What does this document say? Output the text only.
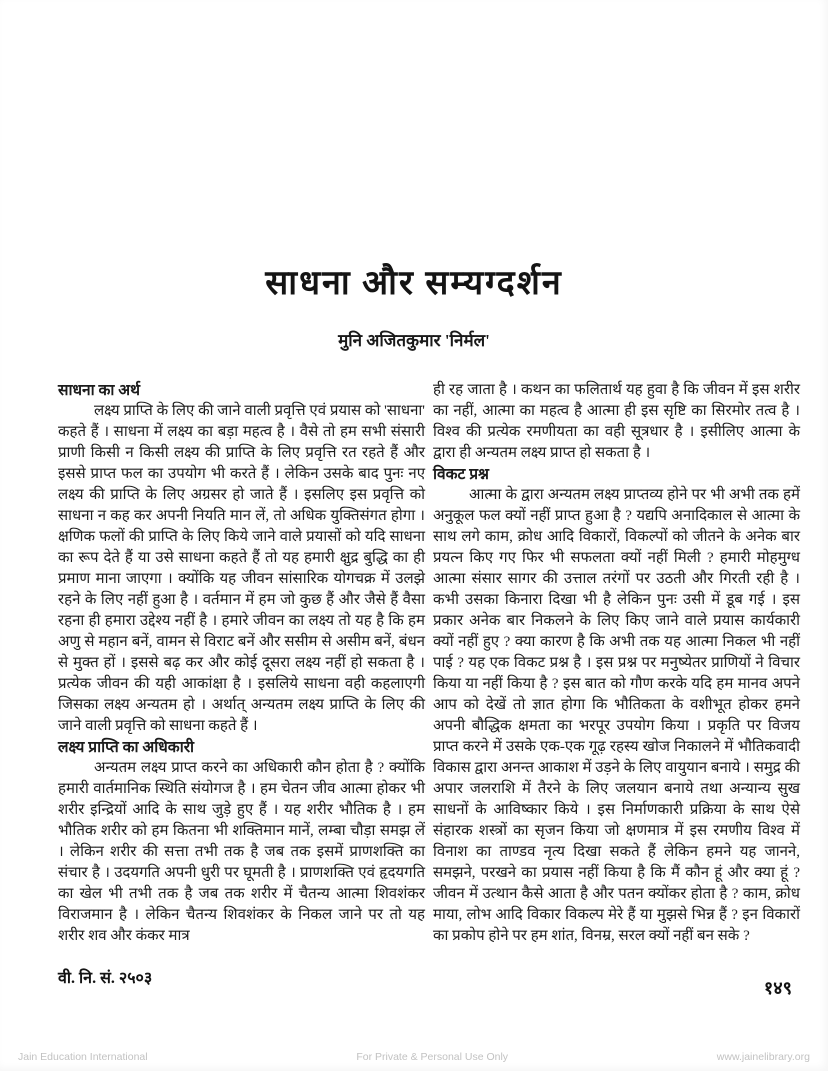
साधना और सम्यग्दर्शन
मुनि अजितकुमार 'निर्मल'
साधना का अर्थ
लक्ष्य प्राप्ति के लिए की जाने वाली प्रवृत्ति एवं प्रयास को 'साधना' कहते हैं । साधना में लक्ष्य का बड़ा महत्व है । वैसे तो हम सभी संसारी प्राणी किसी न किसी लक्ष्य की प्राप्ति के लिए प्रवृत्ति रत रहते हैं और इससे प्राप्त फल का उपयोग भी करते हैं । लेकिन उसके बाद पुनः नए लक्ष्य की प्राप्ति के लिए अग्रसर हो जाते हैं । इसलिए इस प्रवृत्ति को साधना न कह कर अपनी नियति मान लें, तो अधिक युक्तिसंगत होगा । क्षणिक फलों की प्राप्ति के लिए किये जाने वाले प्रयासों को यदि साधना का रूप देते हैं या उसे साधना कहते हैं तो यह हमारी क्षुद्र बुद्धि का ही प्रमाण माना जाएगा । क्योंकि यह जीवन सांसारिक योगचक्र में उलझे रहने के लिए नहीं हुआ है । वर्तमान में हम जो कुछ हैं और जैसे हैं वैसा रहना ही हमारा उद्देश्य नहीं है । हमारे जीवन का लक्ष्य तो यह है कि हम अणु से महान बनें, वामन से विराट बनें और ससीम से असीम बनें, बंधन से मुक्त हों । इससे बढ़ कर और कोई दूसरा लक्ष्य नहीं हो सकता है । प्रत्येक जीवन की यही आकांक्षा है । इसलिये साधना वही कहलाएगी जिसका लक्ष्य अन्यतम हो । अर्थात् अन्यतम लक्ष्य प्राप्ति के लिए की जाने वाली प्रवृत्ति को साधना कहते हैं ।
लक्ष्य प्राप्ति का अधिकारी
अन्यतम लक्ष्य प्राप्त करने का अधिकारी कौन होता है ? क्योंकि हमारी वार्तमानिक स्थिति संयोगज है । हम चेतन जीव आत्मा होकर भी शरीर इन्द्रियों आदि के साथ जुड़े हुए हैं । यह शरीर भौतिक है । हम भौतिक शरीर को हम कितना भी शक्तिमान मानें, लम्बा चौड़ा समझ लें । लेकिन शरीर की सत्ता तभी तक है जब तक इसमें प्राणशक्ति का संचार है । उदयगति अपनी धुरी पर घूमती है । प्राणशक्ति एवं हृदयगति का खेल भी तभी तक है जब तक शरीर में चैतन्य आत्मा शिवशंकर विराजमान है । लेकिन चैतन्य शिवशंकर के निकल जाने पर तो यह शरीर शव और कंकर मात्र
ही रह जाता है । कथन का फलितार्थ यह हुवा है कि जीवन में इस शरीर का नहीं, आत्मा का महत्व है आत्मा ही इस सृष्टि का सिरमोर तत्व है । विश्व की प्रत्येक रमणीयता का वही सूत्रधार है । इसीलिए आत्मा के द्वारा ही अन्यतम लक्ष्य प्राप्त हो सकता है ।
विकट प्रश्न
आत्मा के द्वारा अन्यतम लक्ष्य प्राप्तव्य होने पर भी अभी तक हमें अनुकूल फल क्यों नहीं प्राप्त हुआ है ? यद्यपि अनादिकाल से आत्मा के साथ लगे काम, क्रोध आदि विकारों, विकल्पों को जीतने के अनेक बार प्रयत्न किए गए फिर भी सफलता क्यों नहीं मिली ? हमारी मोहमुग्ध आत्मा संसार सागर की उत्ताल तरंगों पर उठती और गिरती रही है । कभी उसका किनारा दिखा भी है लेकिन पुनः उसी में डूब गई । इस प्रकार अनेक बार निकलने के लिए किए जाने वाले प्रयास कार्यकारी क्यों नहीं हुए ? क्या कारण है कि अभी तक यह आत्मा निकल भी नहीं पाई ? यह एक विकट प्रश्न है । इस प्रश्न पर मनुष्येतर प्राणियों ने विचार किया या नहीं किया है ? इस बात को गौण करके यदि हम मानव अपने आप को देखें तो ज्ञात होगा कि भौतिकता के वशीभूत होकर हमने अपनी बौद्धिक क्षमता का भरपूर उपयोग किया । प्रकृति पर विजय प्राप्त करने में उसके एक-एक गूढ़ रहस्य खोज निकालने में भौतिकवादी विकास द्वारा अनन्त आकाश में उड़ने के लिए वायुयान बनाये । समुद्र की अपार जलराशि में तैरने के लिए जलयान बनाये तथा अन्यान्य सुख साधनों के आविष्कार किये । इस निर्माणकारी प्रक्रिया के साथ ऐसे संहारक शस्त्रों का सृजन किया जो क्षणमात्र में इस रमणीय विश्व में विनाश का ताण्डव नृत्य दिखा सकते हैं लेकिन हमने यह जानने, समझने, परखने का प्रयास नहीं किया है कि मैं कौन हूं और क्या हूं ? जीवन में उत्थान कैसे आता है और पतन क्योंकर होता है ? काम, क्रोध माया, लोभ आदि विकार विकल्प मेरे हैं या मुझसे भिन्न हैं ? इन विकारों का प्रकोप होने पर हम शांत, विनम्र, सरल क्यों नहीं बन सके ?
वी. नि. सं. २५०३	१४९
Jain Education International	For Private & Personal Use Only	www.jainelibrary.org
